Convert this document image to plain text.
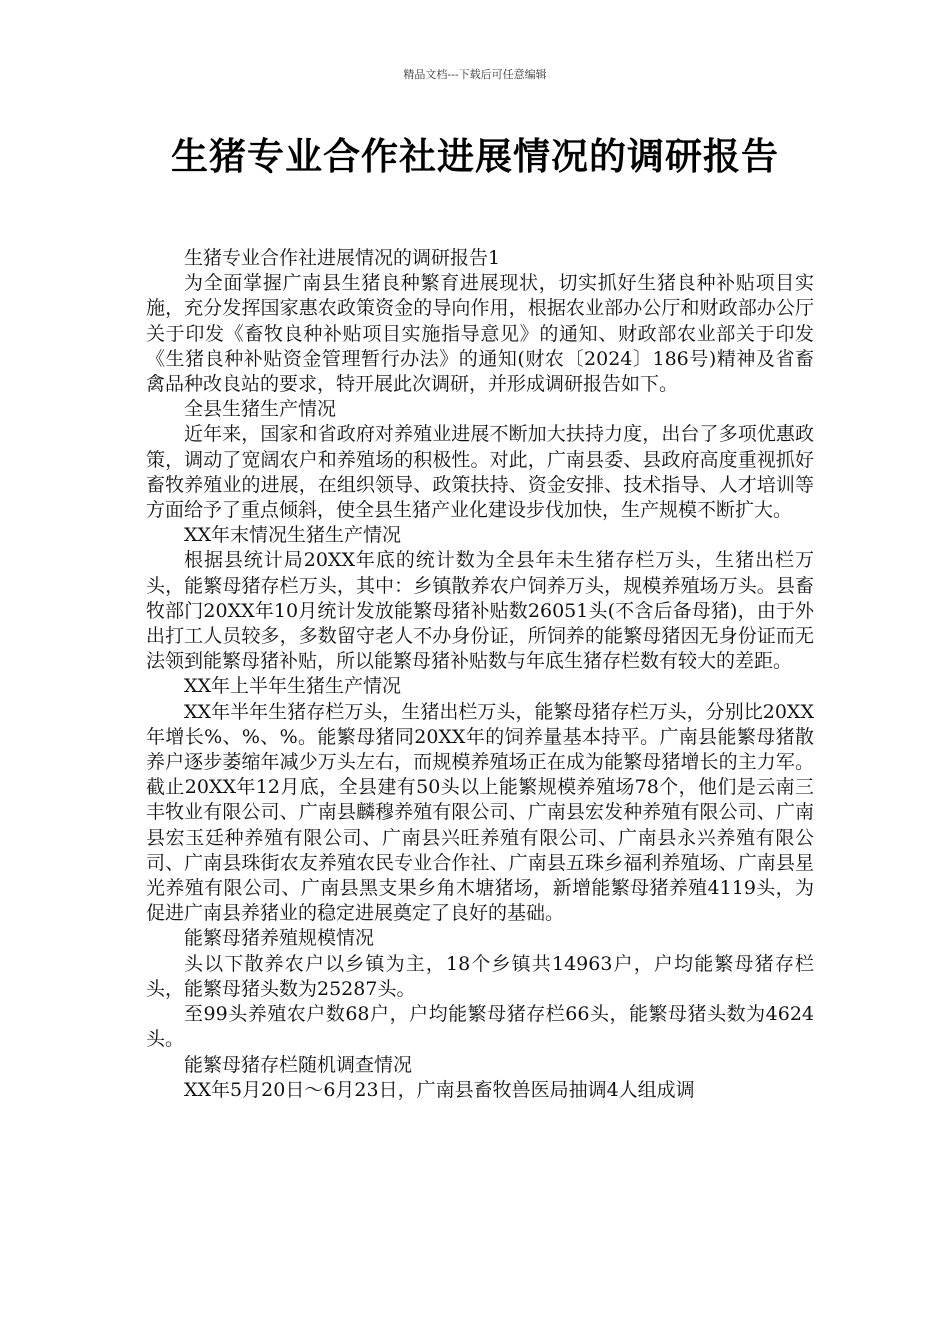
精品文档---下载后可任意编辑
生猪专业合作社进展情况的调研报告

生猪专业合作社进展情况的调研报告1

为全面掌握广南县生猪良种繁育进展现状，切实抓好生猪良种补贴项目实施，充分发挥国家惠农政策资金的导向作用，根据农业部办公厅和财政部办公厅关于印发《畜牧良种补贴项目实施指导意见》的通知、财政部农业部关于印发《生猪良种补贴资金管理暂行办法》的通知(财农〔2024〕186号)精神及省畜禽品种改良站的要求，特开展此次调研，并形成调研报告如下。

全县生猪生产情况

近年来，国家和省政府对养殖业进展不断加大扶持力度，出台了多项优惠政策，调动了宽阔农户和养殖场的积极性。对此，广南县委、县政府高度重视抓好畜牧养殖业的进展，在组织领导、政策扶持、资金安排、技术指导、人才培训等方面给予了重点倾斜，使全县生猪产业化建设步伐加快，生产规模不断扩大。

XX年末情况生猪生产情况

根据县统计局20XX年底的统计数为全县年未生猪存栏万头，生猪出栏万头，能繁母猪存栏万头，其中：乡镇散养农户饲养万头，规模养殖场万头。县畜牧部门20XX年10月统计发放能繁母猪补贴数26051头(不含后备母猪)，由于外出打工人员较多，多数留守老人不办身份证，所饲养的能繁母猪因无身份证而无法领到能繁母猪补贴，所以能繁母猪补贴数与年底生猪存栏数有较大的差距。

XX年上半年生猪生产情况

XX年半年生猪存栏万头，生猪出栏万头，能繁母猪存栏万头，分别比20XX年增长%、%、%。能繁母猪同20XX年的饲养量基本持平。广南县能繁母猪散养户逐步萎缩年减少万头左右，而规模养殖场正在成为能繁母猪增长的主力军。截止20XX年12月底，全县建有50头以上能繁规模养殖场78个，他们是云南三丰牧业有限公司、广南县麟穆养殖有限公司、广南县宏发种养殖有限公司、广南县宏玉廷种养殖有限公司、广南县兴旺养殖有限公司、广南县永兴养殖有限公司、广南县珠街农友养殖农民专业合作社、广南县五珠乡福利养殖场、广南县星光养殖有限公司、广南县黑支果乡角木塘猪场，新增能繁母猪养殖4119头，为促进广南县养猪业的稳定进展奠定了良好的基础。

能繁母猪养殖规模情况

头以下散养农户以乡镇为主，18个乡镇共14963户，户均能繁母猪存栏头，能繁母猪头数为25287头。

至99头养殖农户数68户，户均能繁母猪存栏66头，能繁母猪头数为4624头。

能繁母猪存栏随机调查情况

XX年5月20日～6月23日，广南县畜牧兽医局抽调4人组成调
